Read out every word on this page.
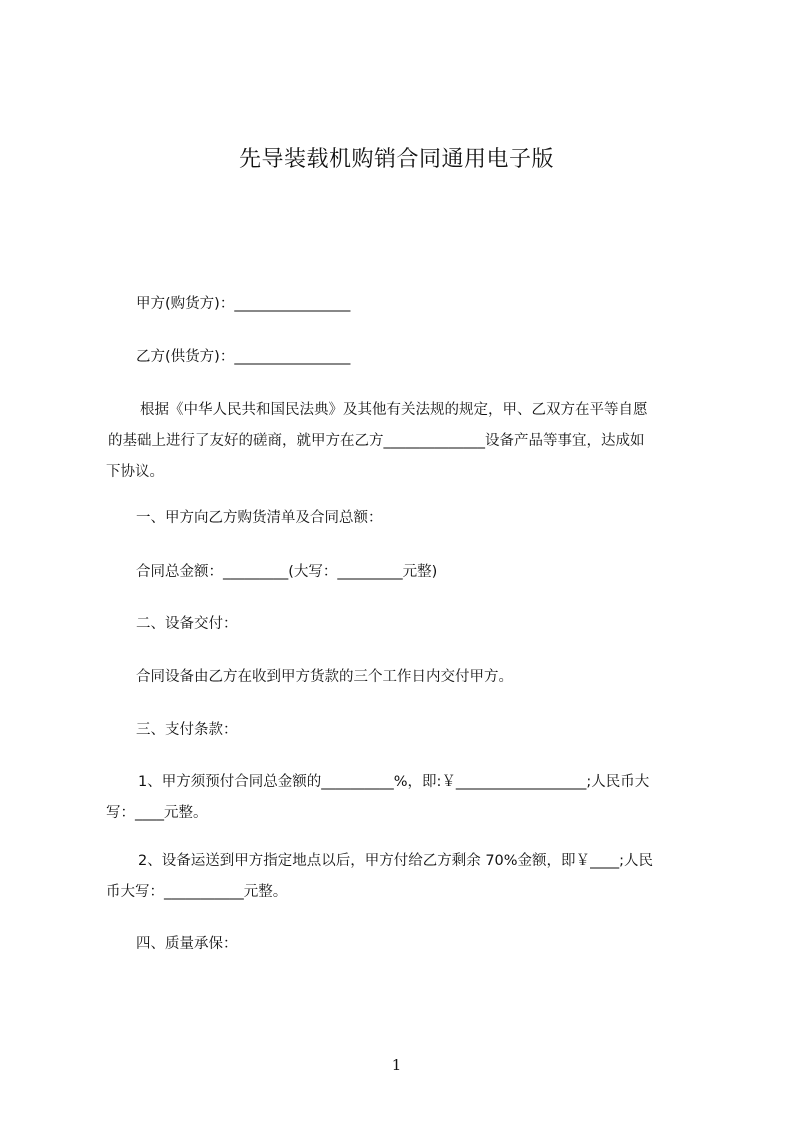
先导装载机购销合同通用电子版
甲方(购货方)：________________
乙方(供货方)：________________
根据《中华人民共和国民法典》及其他有关法规的规定，甲、乙双方在平等自愿
的基础上进行了友好的磋商，就甲方在乙方______________设备产品等事宜，达成如
下协议。
一、甲方向乙方购货清单及合同总额：
合同总金额：_________(大写：_________元整)
二、设备交付：
合同设备由乙方在收到甲方货款的三个工作日内交付甲方。
三、支付条款：
1、甲方须预付合同总金额的__________%，即:￥__________________;人民币大
写：____元整。
2、设备运送到甲方指定地点以后，甲方付给乙方剩余 70%金额，即￥____;人民
币大写：___________元整。
四、质量承保：
1
